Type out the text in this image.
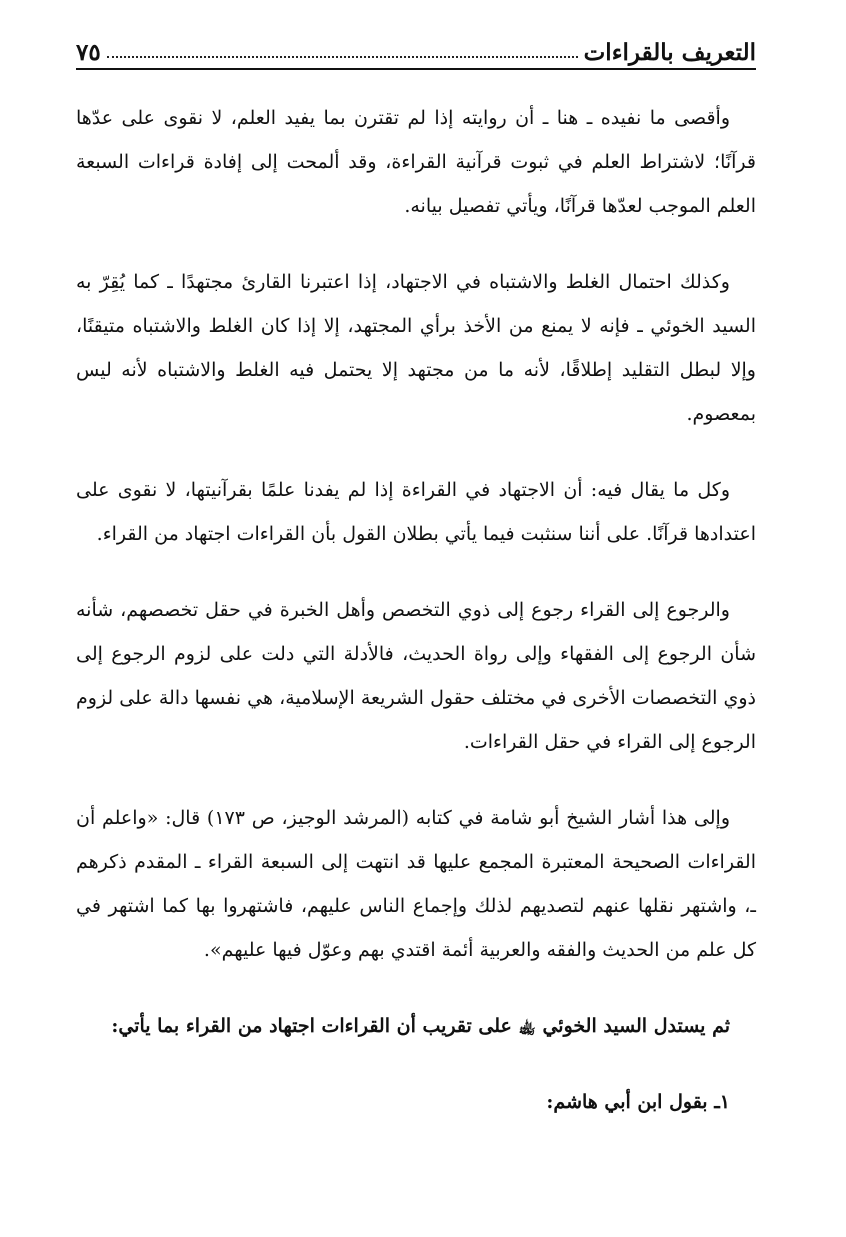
التعريف بالقراءات
٧٥

وأقصى ما نفيده ـ هنا ـ أن روايته إذا لم تقترن بما يفيد العلم، لا نقوى على عدّها قرآنًا؛ لاشتراط العلم في ثبوت قرآنية القراءة، وقد ألمحت إلى إفادة قراءات السبعة العلم الموجب لعدّها قرآنًا، ويأتي تفصيل بيانه.

وكذلك احتمال الغلط والاشتباه في الاجتهاد، إذا اعتبرنا القارئ مجتهدًا ـ كما يُقِرّ به السيد الخوئي ـ فإنه لا يمنع من الأخذ برأي المجتهد، إلا إذا كان الغلط والاشتباه متيقنًا، وإلا لبطل التقليد إطلاقًا، لأنه ما من مجتهد إلا يحتمل فيه الغلط والاشتباه لأنه ليس بمعصوم.

وكل ما يقال فيه: أن الاجتهاد في القراءة إذا لم يفدنا علمًا بقرآنيتها، لا نقوى على اعتدادها قرآنًا. على أننا سنثبت فيما يأتي بطلان القول بأن القراءات اجتهاد من القراء.

والرجوع إلى القراء رجوع إلى ذوي التخصص وأهل الخبرة في حقل تخصصهم، شأنه شأن الرجوع إلى الفقهاء وإلى رواة الحديث، فالأدلة التي دلت على لزوم الرجوع إلى ذوي التخصصات الأخرى في مختلف حقول الشريعة الإسلامية، هي نفسها دالة على لزوم الرجوع إلى القراء في حقل القراءات.

وإلى هذا أشار الشيخ أبو شامة في كتابه (المرشد الوجيز، ص ١٧٣) قال: «واعلم أن القراءات الصحيحة المعتبرة المجمع عليها قد انتهت إلى السبعة القراء ـ المقدم ذكرهم ـ، واشتهر نقلها عنهم لتصديهم لذلك وإجماع الناس عليهم، فاشتهروا بها كما اشتهر في كل علم من الحديث والفقه والعربية أئمة اقتدي بهم وعوّل فيها عليهم».

ثم يستدل السيد الخوئي ﵀ على تقريب أن القراءات اجتهاد من القراء بما يأتي:

١ـ بقول ابن أبي هاشم:
